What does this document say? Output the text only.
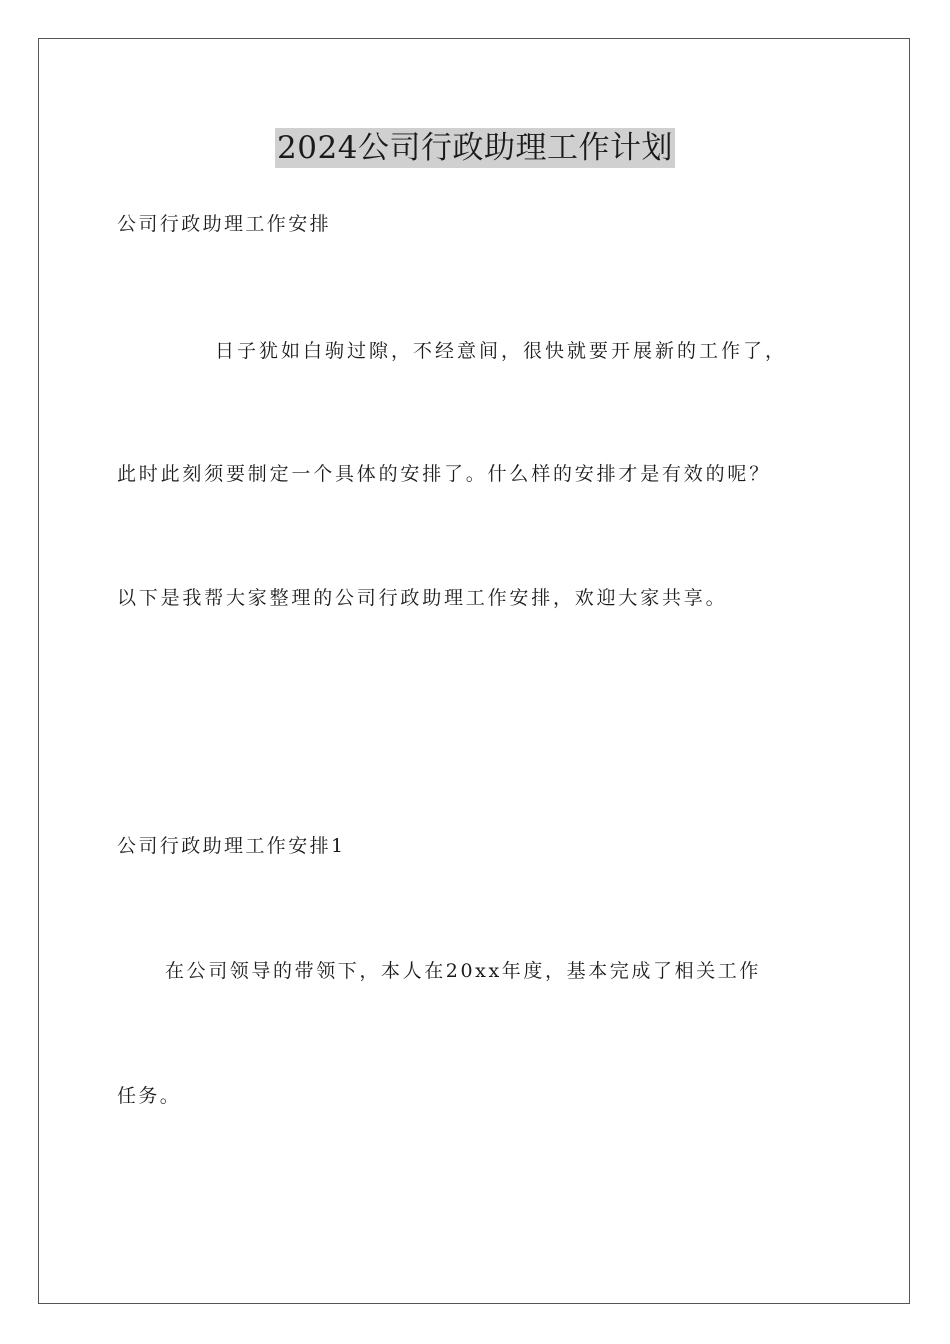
2024公司行政助理工作计划
公司行政助理工作安排
日子犹如白驹过隙，不经意间，很快就要开展新的工作了，
此时此刻须要制定一个具体的安排了。什么样的安排才是有效的呢？
以下是我帮大家整理的公司行政助理工作安排，欢迎大家共享。
公司行政助理工作安排1
在公司领导的带领下，本人在20xx年度，基本完成了相关工作
任务。
